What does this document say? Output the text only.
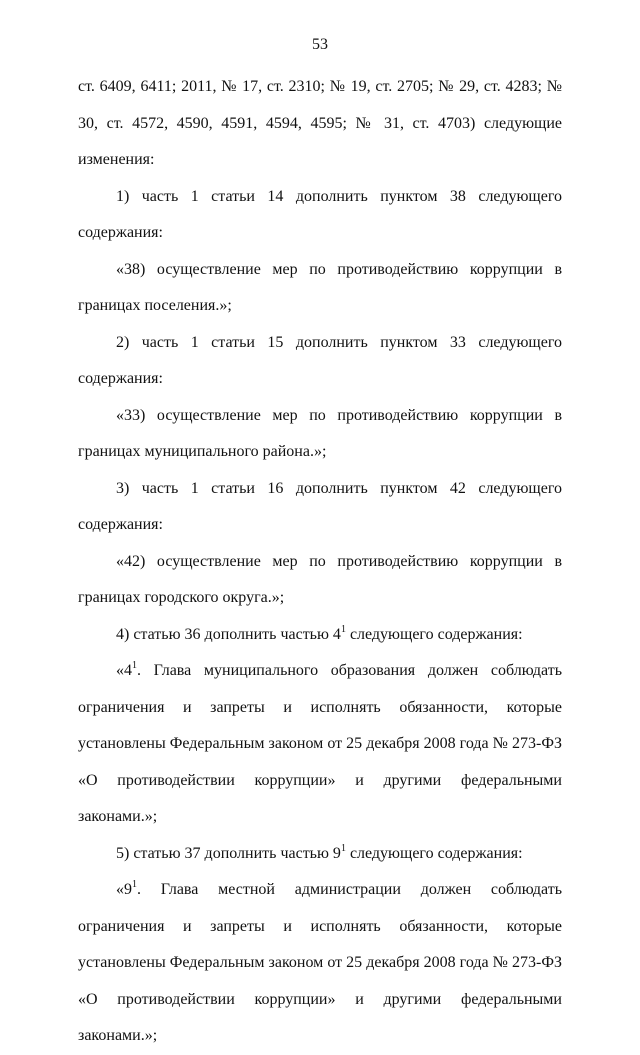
53

ст. 6409, 6411; 2011, № 17, ст. 2310; № 19, ст. 2705; № 29, ст. 4283; № 30, ст. 4572, 4590, 4591, 4594, 4595; № 31, ст. 4703) следующие изменения:

1) часть 1 статьи 14 дополнить пунктом 38 следующего содержания:

«38) осуществление мер по противодействию коррупции в границах поселения.»;

2) часть 1 статьи 15 дополнить пунктом 33 следующего содержания:

«33) осуществление мер по противодействию коррупции в границах муниципального района.»;

3) часть 1 статьи 16 дополнить пунктом 42 следующего содержания:

«42) осуществление мер по противодействию коррупции в границах городского округа.»;

4) статью 36 дополнить частью $4^1$ следующего содержания:

«$4^1$. Глава муниципального образования должен соблюдать ограничения и запреты и исполнять обязанности, которые установлены Федеральным законом от 25 декабря 2008 года № 273-ФЗ «О противодействии коррупции» и другими федеральными законами.»;

5) статью 37 дополнить частью $9^1$ следующего содержания:

«$9^1$. Глава местной администрации должен соблюдать ограничения и запреты и исполнять обязанности, которые установлены Федеральным законом от 25 декабря 2008 года № 273-ФЗ «О противодействии коррупции» и другими федеральными законами.»;
